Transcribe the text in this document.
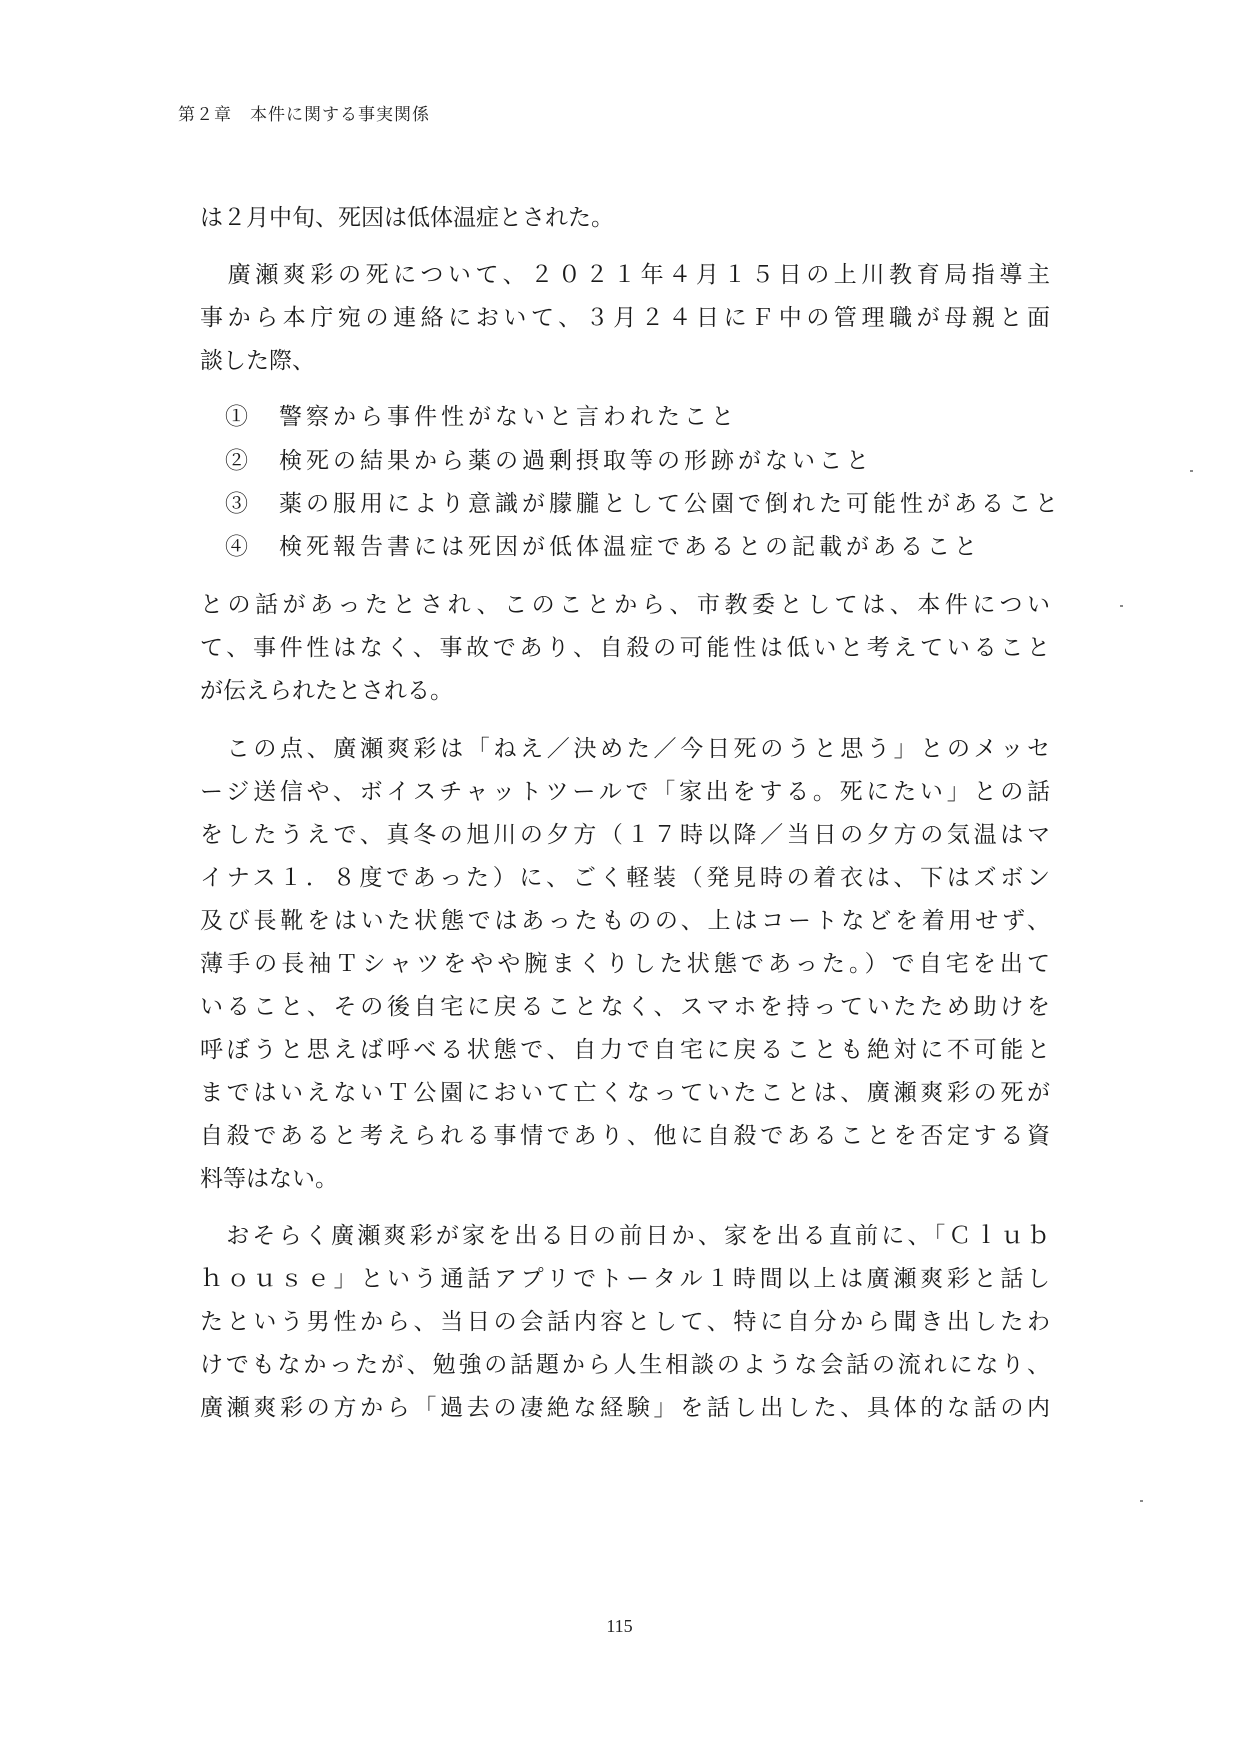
第２章　本件に関する事実関係
は２月中旬、死因は低体温症とされた。
　廣瀬爽彩の死について、２０２１年４月１５日の上川教育局指導主
事から本庁宛の連絡において、３月２４日にＦ中の管理職が母親と面
談した際、
①　警察から事件性がないと言われたこと
②　検死の結果から薬の過剰摂取等の形跡がないこと
③　薬の服用により意識が朦朧として公園で倒れた可能性があること
④　検死報告書には死因が低体温症であるとの記載があること
との話があったとされ、このことから、市教委としては、本件につい
て、事件性はなく、事故であり、自殺の可能性は低いと考えていること
が伝えられたとされる。
　この点、廣瀬爽彩は「ねえ／決めた／今日死のうと思う」とのメッセ
ージ送信や、ボイスチャットツールで「家出をする。死にたい」との話
をしたうえで、真冬の旭川の夕方（１７時以降／当日の夕方の気温はマ
イナス１．８度であった）に、ごく軽装（発見時の着衣は、下はズボン
及び長靴をはいた状態ではあったものの、上はコートなどを着用せず、
薄手の長袖Ｔシャツをやや腕まくりした状態であった。）で自宅を出て
いること、その後自宅に戻ることなく、スマホを持っていたため助けを
呼ぼうと思えば呼べる状態で、自力で自宅に戻ることも絶対に不可能と
まではいえないＴ公園において亡くなっていたことは、廣瀬爽彩の死が
自殺であると考えられる事情であり、他に自殺であることを否定する資
料等はない。
　おそらく廣瀬爽彩が家を出る日の前日か、家を出る直前に、「Ｃｌｕｂ
ｈｏｕｓｅ」という通話アプリでトータル１時間以上は廣瀬爽彩と話し
たという男性から、当日の会話内容として、特に自分から聞き出したわ
けでもなかったが、勉強の話題から人生相談のような会話の流れになり、
廣瀬爽彩の方から「過去の凄絶な経験」を話し出した、具体的な話の内
115
